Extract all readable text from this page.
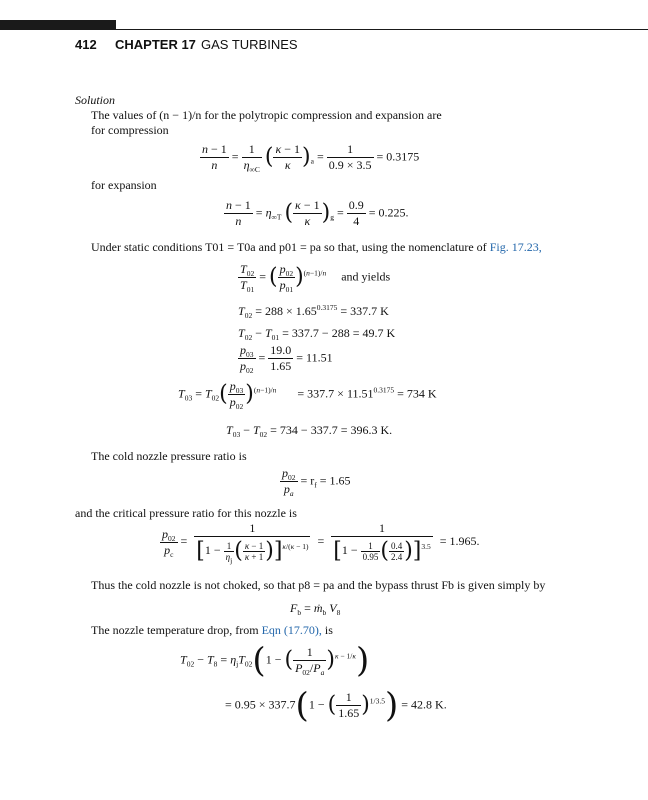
412 CHAPTER 17 GAS TURBINES
Solution
The values of (n − 1)/n for the polytropic compression and expansion are
for compression
$\frac{n - 1}{n} = \frac{1}{\eta_{\infty C}}$ ( $\frac{\kappa - 1}{\kappa} )_a = \frac{1}{0.9 \times 3.5} = 0.3175$
for expansion
$\frac{n - 1}{n} = \eta_{\infty T}$ ( $\frac{\kappa - 1}{\kappa} )_g = \frac{0.9}{4} = 0.225$.
Under static conditions T01 = T0a and p01 = pa so that, using the nomenclature of Fig. 17.23,
$\frac{T_{02}}{T_{01}}$ = ( $\frac{p_{02}}{p_{01}} )^{(n-1)/n}$ and yields
$T_{02} = 288 \times 1.65^{0.3175} = 337.7$ K
$T_{02} - T_{01} = 337.7 - 288 = 49.7$ K
$\frac{p_{03}}{p_{02}} = \frac{19.0}{1.65} = 11.51$
$T_{03} = T_{02}( \frac{p_{03}}{p_{02}} )^{(n-1)/n} = 337.7 \times 11.51^{0.3175} = 734$ K
$T_{03} - T_{02} = 734 - 337.7 = 396.3$ K.
The cold nozzle pressure ratio is
$\frac{p_{02}}{p_a} = r_f = 1.65$
and the critical pressure ratio for this nozzle is
$\frac{p_{02}}{p_c} = \frac{1}{[1 - \frac{1}{\eta_j} ( \frac{\kappa - 1}{\kappa + 1} )]^{\kappa/(\kappa - 1)}} = \frac{1}{[1 - \frac{1}{0.95} ( \frac{0.4}{2.4} )]^{3.5}} = 1.965$.
Thus the cold nozzle is not choked, so that p8 = pa and the bypass thrust Fb is given simply by
$F_b$ = ṁ$_b$ $V_8$
The nozzle temperature drop, from Eqn (17.70), is
$T_{02} - T_8 = \eta_jT_{02}(1$ − ( $\frac{1}{P_{02}/P_a} )^{\kappa - 1/\kappa}$)
= 0.95 × 337.7(1 − ( $\frac{1}{1.65} )^{1/3.5}) = 42.8$ K.
